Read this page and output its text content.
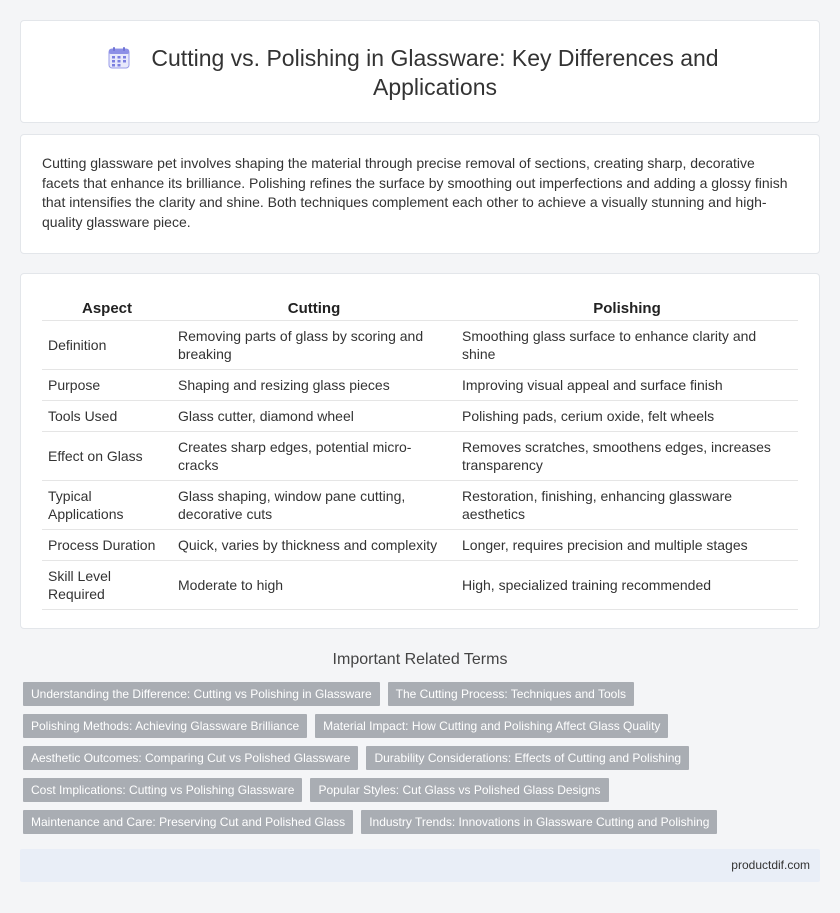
Cutting vs. Polishing in Glassware: Key Differences and Applications

Cutting glassware pet involves shaping the material through precise removal of sections, creating sharp, decorative facets that enhance its brilliance. Polishing refines the surface by smoothing out imperfections and adding a glossy finish that intensifies the clarity and shine. Both techniques complement each other to achieve a visually stunning and high-quality glassware piece.

Aspect	Cutting	Polishing
Definition	Removing parts of glass by scoring and breaking	Smoothing glass surface to enhance clarity and shine
Purpose	Shaping and resizing glass pieces	Improving visual appeal and surface finish
Tools Used	Glass cutter, diamond wheel	Polishing pads, cerium oxide, felt wheels
Effect on Glass	Creates sharp edges, potential micro-cracks	Removes scratches, smoothens edges, increases transparency
Typical Applications	Glass shaping, window pane cutting, decorative cuts	Restoration, finishing, enhancing glassware aesthetics
Process Duration	Quick, varies by thickness and complexity	Longer, requires precision and multiple stages
Skill Level Required	Moderate to high	High, specialized training recommended
Important Related Terms
Understanding the Difference: Cutting vs Polishing in Glassware	The Cutting Process: Techniques and Tools
Polishing Methods: Achieving Glassware Brilliance	Material Impact: How Cutting and Polishing Affect Glass Quality
Aesthetic Outcomes: Comparing Cut vs Polished Glassware	Durability Considerations: Effects of Cutting and Polishing
Cost Implications: Cutting vs Polishing Glassware	Popular Styles: Cut Glass vs Polished Glass Designs
Maintenance and Care: Preserving Cut and Polished Glass	Industry Trends: Innovations in Glassware Cutting and Polishing
productdif.com
